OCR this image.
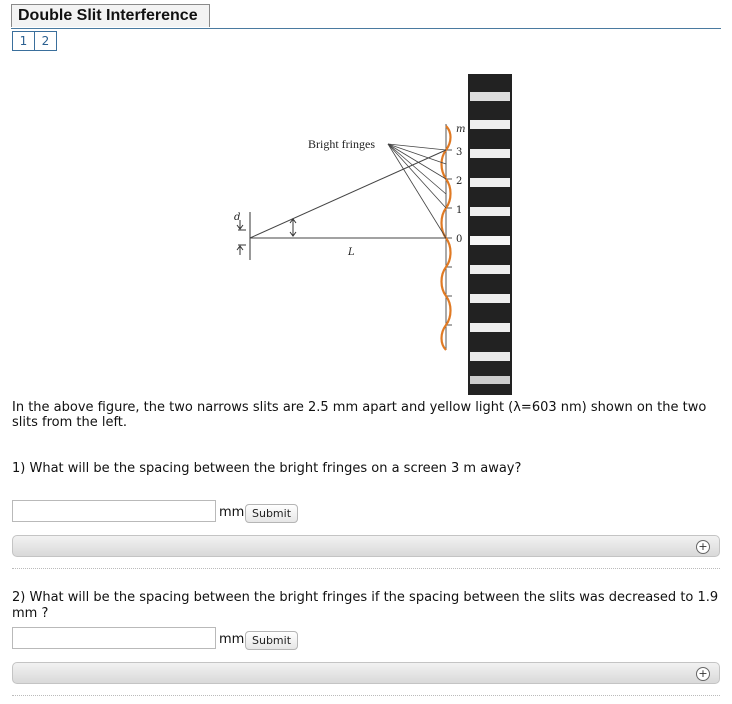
Double Slit Interference
1	2
d
L
Bright fringes
m
3
2
1
0
In the above figure, the two narrows slits are 2.5 mm apart and yellow light (λ=603 nm) shown on the two slits from the left.
1) What will be the spacing between the bright fringes on a screen 3 m away?
mm Submit
+
2) What will be the spacing between the bright fringes if the spacing between the slits was decreased to 1.9 mm ?
mm Submit
+
